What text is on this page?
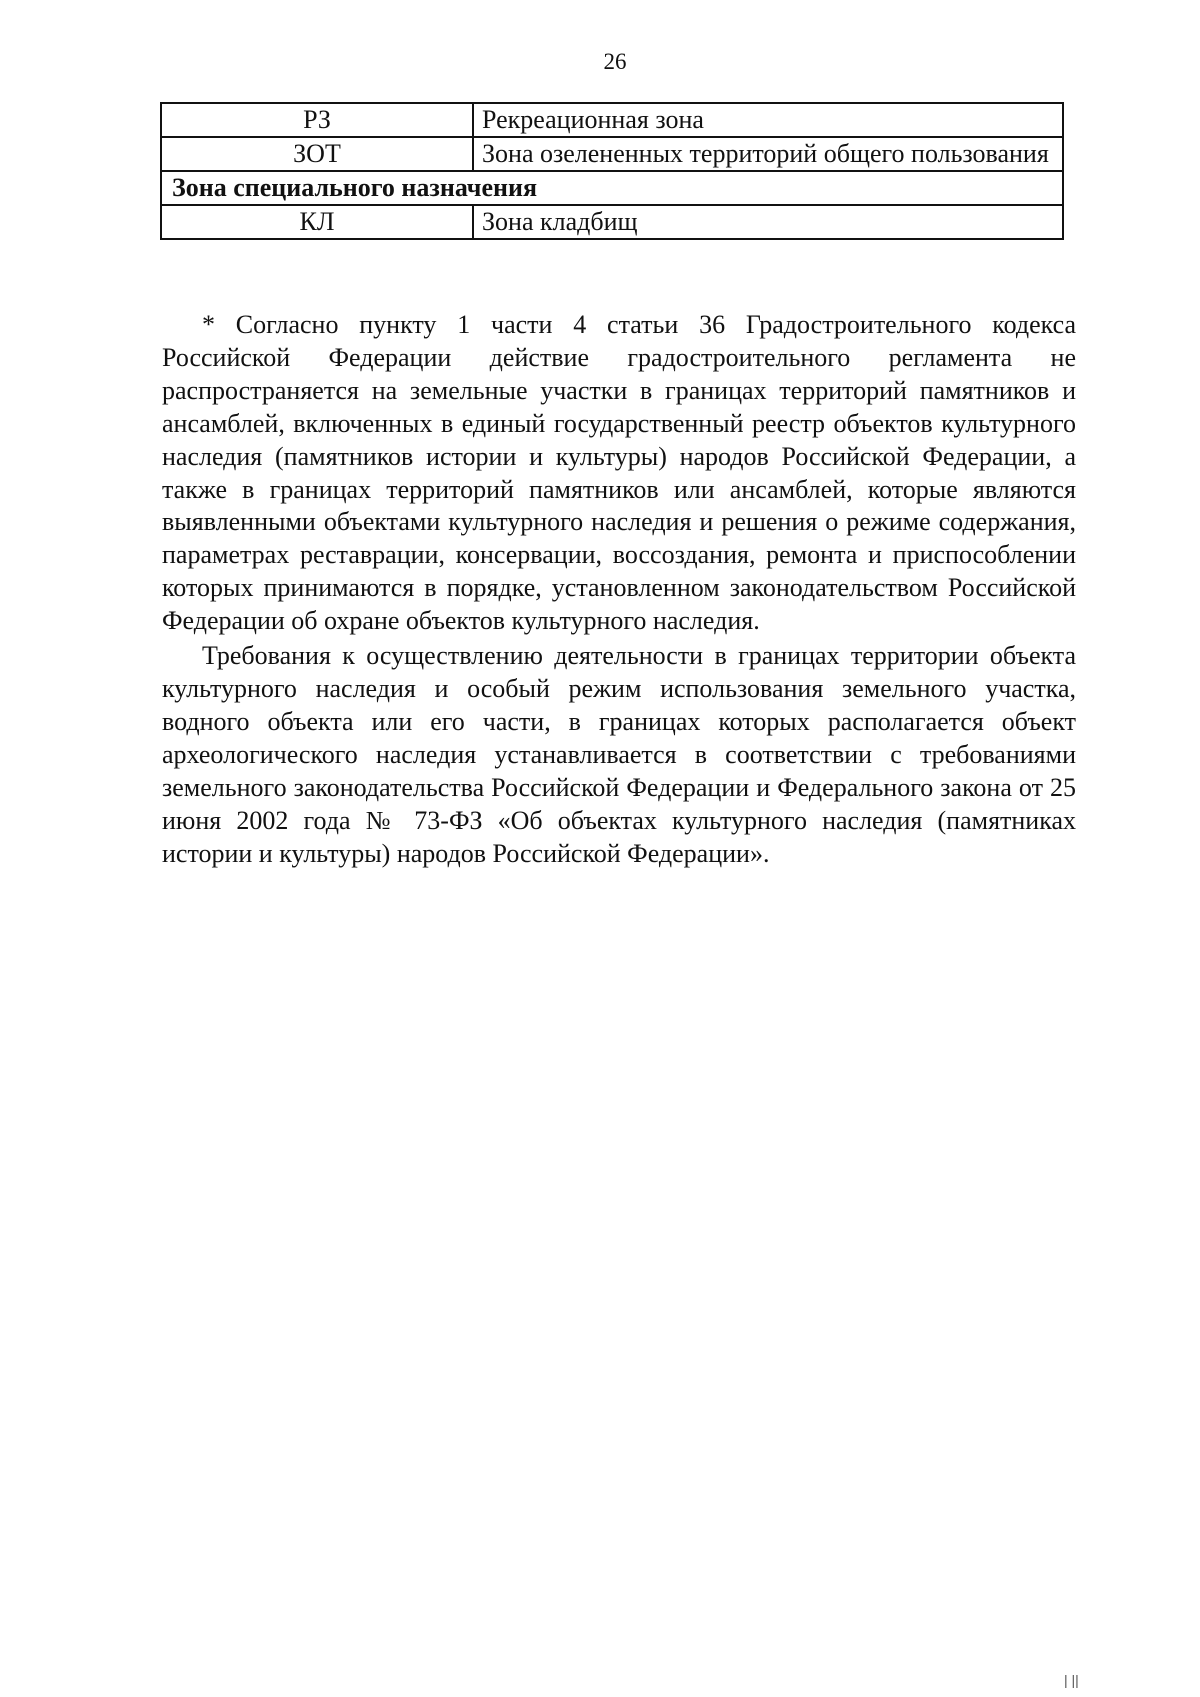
26
РЗ	Рекреационная зона
ЗОТ	Зона озелененных территорий общего пользования
Зона специального назначения	
КЛ	Зона кладбищ

* Согласно пункту 1 части 4 статьи 36 Градостроительного кодекса Российской Федерации действие градостроительного регламента не распространяется на земельные участки в границах территорий памятников и ансамблей, включенных в единый государственный реестр объектов культурного наследия (памятников истории и культуры) народов Российской Федерации, а также в границах территорий памятников или ансамблей, которые являются выявленными объектами культурного наследия и решения о режиме содержания, параметрах реставрации, консервации, воссоздания, ремонта и приспособлении которых принимаются в порядке, установленном законодательством Российской Федерации об охране объектов культурного наследия.

Требования к осуществлению деятельности в границах территории объекта культурного наследия и особый режим использования земельного участка, водного объекта или его части, в границах которых располагается объект археологического наследия устанавливается в соответствии с требованиями земельного законодательства Российской Федерации и Федерального закона от 25 июня 2002 года № 73-ФЗ «Об объектах культурного наследия (памятниках истории и культуры) народов Российской Федерации».

| ||
